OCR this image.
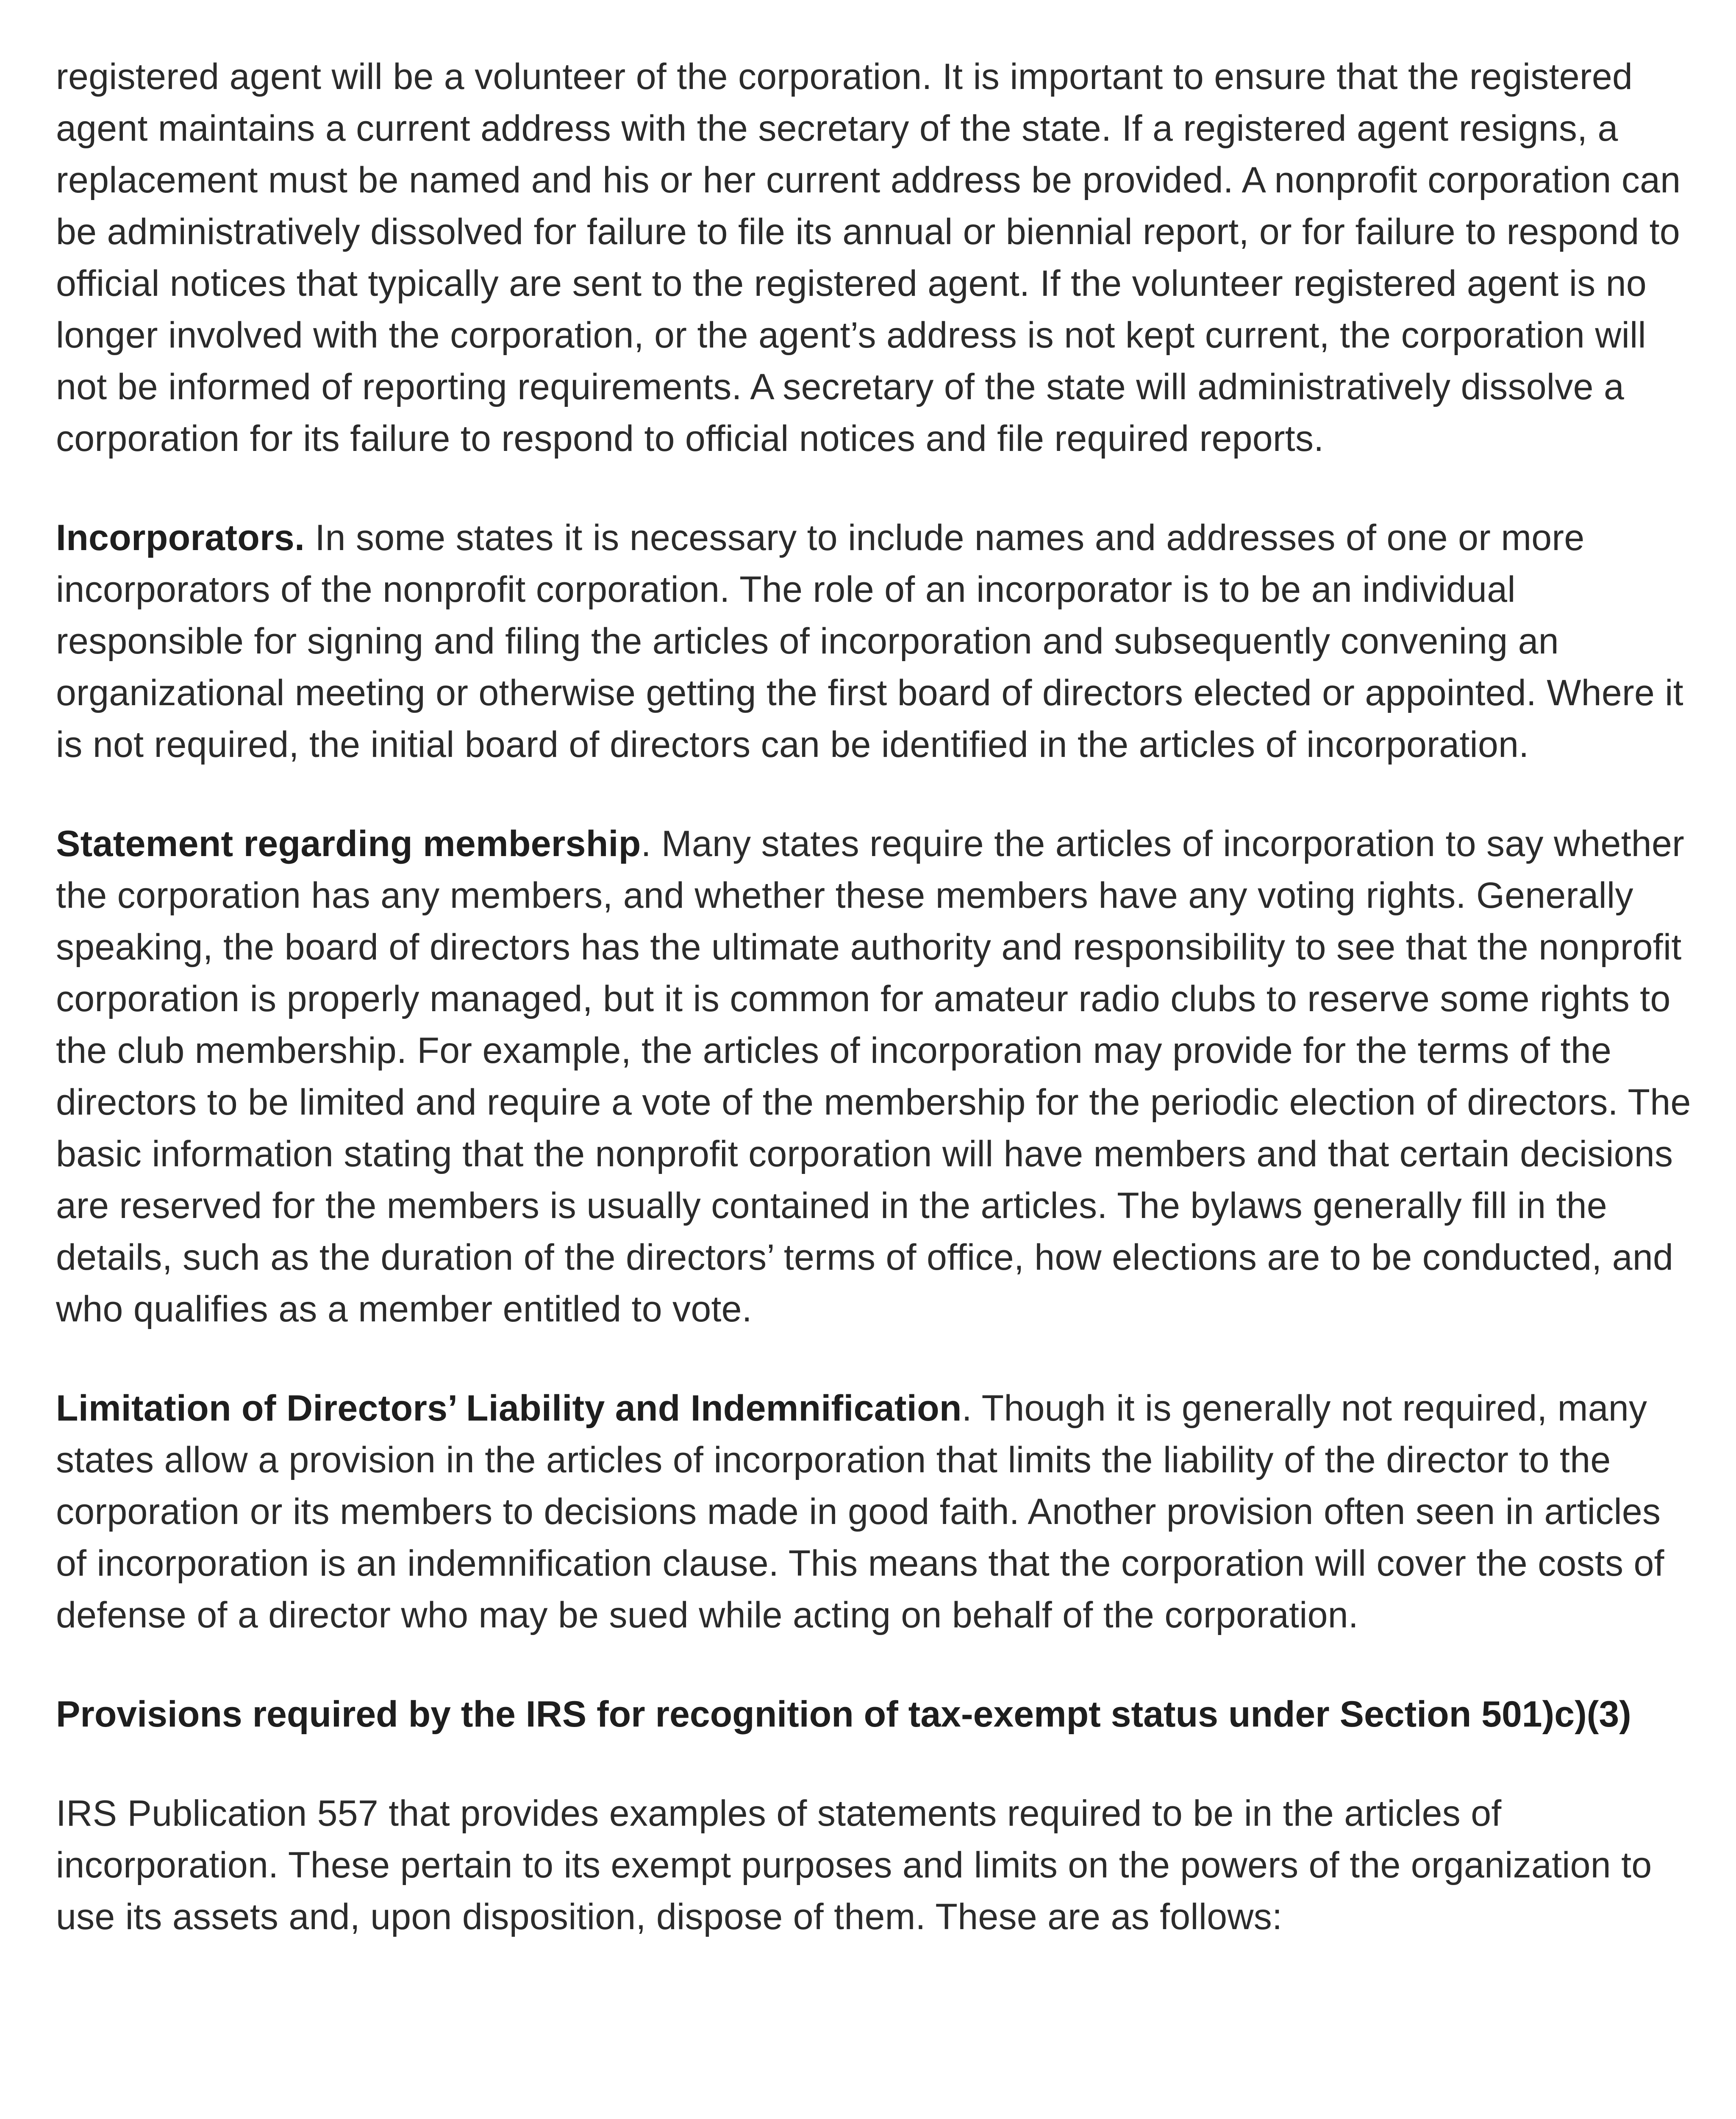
registered agent will be a volunteer of the corporation. It is important to ensure that the registered agent maintains a current address with the secretary of the state. If a registered agent resigns, a replacement must be named and his or her current address be provided. A nonprofit corporation can be administratively dissolved for failure to file its annual or biennial report, or for failure to respond to official notices that typically are sent to the registered agent. If the volunteer registered agent is no longer involved with the corporation, or the agent’s address is not kept current, the corporation will not be informed of reporting requirements. A secretary of the state will administratively dissolve a corporation for its failure to respond to official notices and file required reports.

Incorporators. In some states it is necessary to include names and addresses of one or more incorporators of the nonprofit corporation. The role of an incorporator is to be an individual responsible for signing and filing the articles of incorporation and subsequently convening an organizational meeting or otherwise getting the first board of directors elected or appointed. Where it is not required, the initial board of directors can be identified in the articles of incorporation.

Statement regarding membership. Many states require the articles of incorporation to say whether the corporation has any members, and whether these members have any voting rights. Generally speaking, the board of directors has the ultimate authority and responsibility to see that the nonprofit corporation is properly managed, but it is common for amateur radio clubs to reserve some rights to the club membership. For example, the articles of incorporation may provide for the terms of the directors to be limited and require a vote of the membership for the periodic election of directors. The basic information stating that the nonprofit corporation will have members and that certain decisions are reserved for the members is usually contained in the articles. The bylaws generally fill in the details, such as the duration of the directors’ terms of office, how elections are to be conducted, and who qualifies as a member entitled to vote.

Limitation of Directors’ Liability and Indemnification. Though it is generally not required, many states allow a provision in the articles of incorporation that limits the liability of the director to the corporation or its members to decisions made in good faith. Another provision often seen in articles of incorporation is an indemnification clause. This means that the corporation will cover the costs of defense of a director who may be sued while acting on behalf of the corporation.

Provisions required by the IRS for recognition of tax-exempt status under Section 501)c)(3)

IRS Publication 557 that provides examples of statements required to be in the articles of incorporation. These pertain to its exempt purposes and limits on the powers of the organization to use its assets and, upon disposition, dispose of them. These are as follows:
